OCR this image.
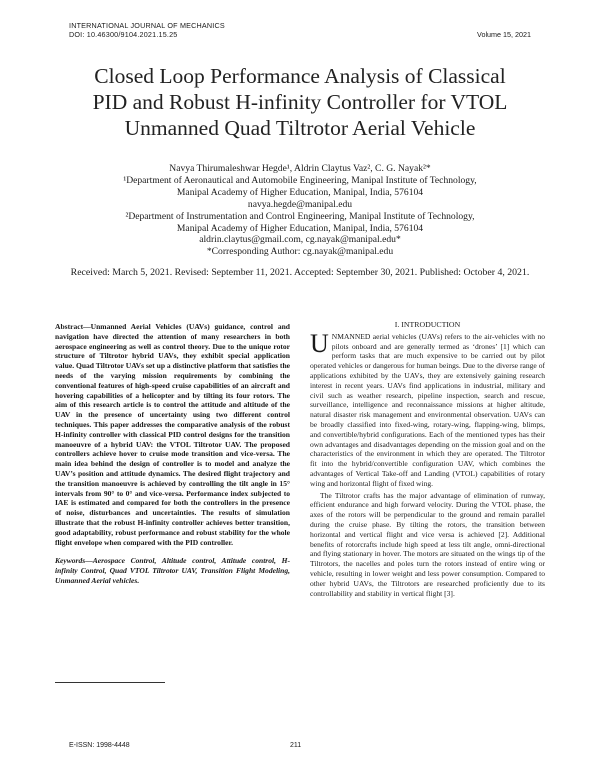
INTERNATIONAL JOURNAL OF MECHANICS
DOI: 10.46300/9104.2021.15.25	Volume 15, 2021
Closed Loop Performance Analysis of Classical
PID and Robust H-infinity Controller for VTOL
Unmanned Quad Tiltrotor Aerial Vehicle
Navya Thirumaleshwar Hegde¹, Aldrin Claytus Vaz², C. G. Nayak²*
¹Department of Aeronautical and Automobile Engineering, Manipal Institute of Technology,
Manipal Academy of Higher Education, Manipal, India, 576104
navya.hegde@manipal.edu
²Department of Instrumentation and Control Engineering, Manipal Institute of Technology,
Manipal Academy of Higher Education, Manipal, India, 576104
aldrin.claytus@gmail.com, cg.nayak@manipal.edu*
*Corresponding Author: cg.nayak@manipal.edu
Received: March 5, 2021. Revised: September 11, 2021. Accepted: September 30, 2021. Published: October 4, 2021.

Abstract—Unmanned Aerial Vehicles (UAVs) guidance, control and navigation have directed the attention of many researchers in both aerospace engineering as well as control theory. Due to the unique rotor structure of Tiltrotor hybrid UAVs, they exhibit special application value. Quad Tiltrotor UAVs set up a distinctive platform that satisfies the needs of the varying mission requirements by combining the conventional features of high-speed cruise capabilities of an aircraft and hovering capabilities of a helicopter and by tilting its four rotors. The aim of this research article is to control the attitude and altitude of the UAV in the presence of uncertainty using two different control techniques. This paper addresses the comparative analysis of the robust H-infinity controller with classical PID control designs for the transition manoeuvre of a hybrid UAV: the VTOL Tiltrotor UAV. The proposed controllers achieve hover to cruise mode transition and vice-versa. The main idea behind the design of controller is to model and analyze the UAV’s position and attitude dynamics. The desired flight trajectory and the transition manoeuvre is achieved by controlling the tilt angle in 15° intervals from 90° to 0° and vice-versa. Performance index subjected to IAE is estimated and compared for both the controllers in the presence of noise, disturbances and uncertainties. The results of simulation illustrate that the robust H-infinity controller achieves better transition, good adaptability, robust performance and robust stability for the whole flight envelope when compared with the PID controller.

Keywords—Aerospace Control, Altitude control, Attitude control, H-infinity Control, Quad VTOL Tiltrotor UAV, Transition Flight Modeling, Unmanned Aerial vehicles.

I. INTRODUCTION

UNMANNED aerial vehicles (UAVs) refers to the air-vehicles with no pilots onboard and are generally termed as ‘drones’ [1] which can perform tasks that are much expensive to be carried out by pilot operated vehicles or dangerous for human beings. Due to the diverse range of applications exhibited by the UAVs, they are extensively gaining research interest in recent years. UAVs find applications in industrial, military and civil such as weather research, pipeline inspection, search and rescue, surveillance, intelligence and reconnaissance missions at higher altitude, natural disaster risk management and environmental observation. UAVs can be broadly classified into fixed-wing, rotary-wing, flapping-wing, blimps, and convertible/hybrid configurations. Each of the mentioned types has their own advantages and disadvantages depending on the mission goal and on the characteristics of the environment in which they are operated. The Tiltrotor fit into the hybrid/convertible configuration UAV, which combines the advantages of Vertical Take-off and Landing (VTOL) capabilities of rotary wing and horizontal flight of fixed wing.

The Tiltrotor crafts has the major advantage of elimination of runway, efficient endurance and high forward velocity. During the VTOL phase, the axes of the rotors will be perpendicular to the ground and remain parallel during the cruise phase. By tilting the rotors, the transition between horizontal and vertical flight and vice versa is achieved [2]. Additional benefits of rotorcrafts include high speed at less tilt angle, omni-directional and flying stationary in hover. The motors are situated on the wings tip of the Tiltrotors, the nacelles and poles turn the rotors instead of entire wing or vehicle, resulting in lower weight and less power consumption. Compared to other hybrid UAVs, the Tiltrotors are researched proficiently due to its controllability and stability in vertical flight [3].

E-ISSN: 1998-4448	211
